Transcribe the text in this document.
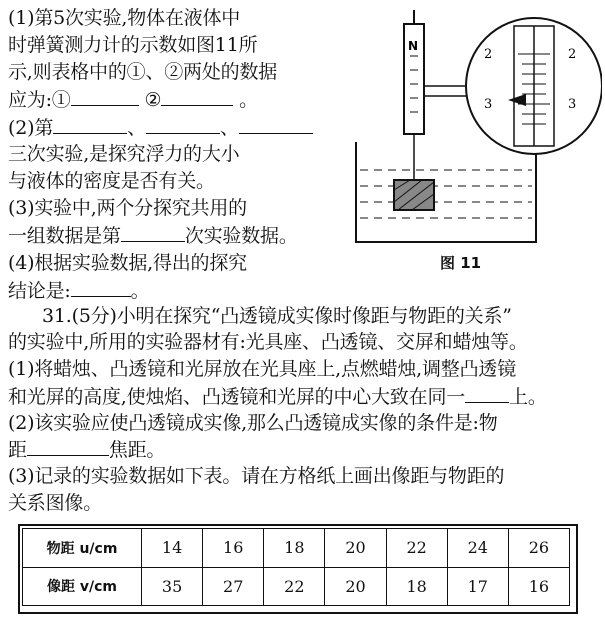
(1)第5次实验,物体在液体中
时弹簧测力计的示数如图11所
示,则表格中的①、②两处的数据
应为:①	②	。
(2)第	、	、
三次实验,是探究浮力的大小
与液体的密度是否有关。
(3)实验中,两个分探究共用的
一组数据是第	次实验数据。
(4)根据实验数据,得出的探究
结论是:	。
31.(5分)小明在探究“凸透镜成实像时像距与物距的关系”
的实验中,所用的实验器材有:光具座、凸透镜、交屏和蜡烛等。
(1)将蜡烛、凸透镜和光屏放在光具座上,点燃蜡烛,调整凸透镜
和光屏的高度,使烛焰、凸透镜和光屏的中心大致在同一 上。
(2)该实验应使凸透镜成实像,那么凸透镜成实像的条件是:物
距	焦距。
(3)记录的实验数据如下表。请在方格纸上画出像距与物距的
关系图像。
N
2
3
2
3
图 11
物距 u/cm	14	16	18	20	22	24	26
像距 v/cm	35	27	22	20	18	17	16
